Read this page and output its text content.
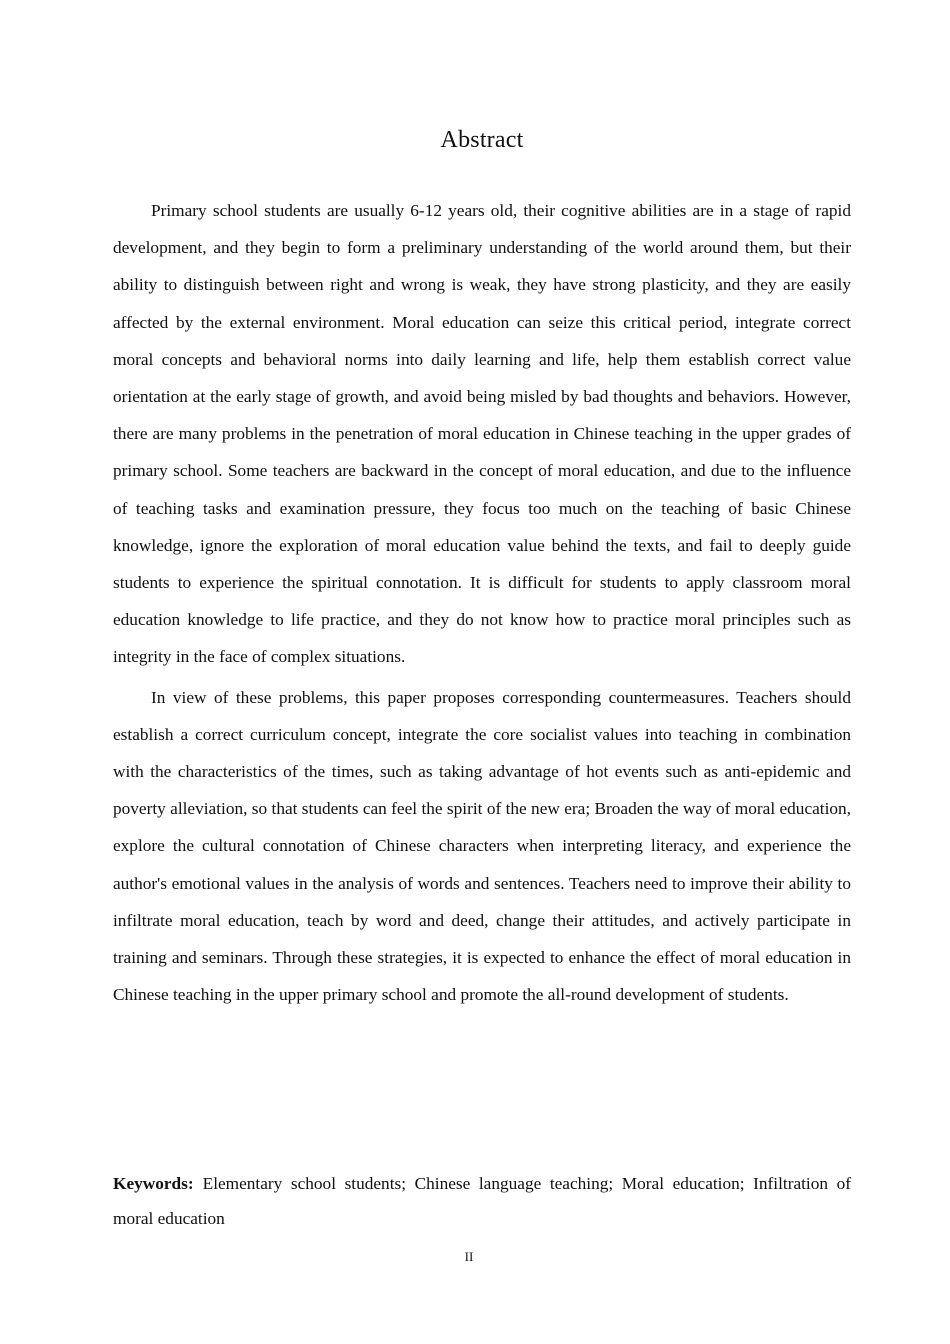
Abstract

Primary school students are usually 6-12 years old, their cognitive abilities are in a stage of rapid development, and they begin to form a preliminary understanding of the world around them, but their ability to distinguish between right and wrong is weak, they have strong plasticity, and they are easily affected by the external environment. Moral education can seize this critical period, integrate correct moral concepts and behavioral norms into daily learning and life, help them establish correct value orientation at the early stage of growth, and avoid being misled by bad thoughts and behaviors. However, there are many problems in the penetration of moral education in Chinese teaching in the upper grades of primary school. Some teachers are backward in the concept of moral education, and due to the influence of teaching tasks and examination pressure, they focus too much on the teaching of basic Chinese knowledge, ignore the exploration of moral education value behind the texts, and fail to deeply guide students to experience the spiritual connotation. It is difficult for students to apply classroom moral education knowledge to life practice, and they do not know how to practice moral principles such as integrity in the face of complex situations.

In view of these problems, this paper proposes corresponding countermeasures. Teachers should establish a correct curriculum concept, integrate the core socialist values into teaching in combination with the characteristics of the times, such as taking advantage of hot events such as anti-epidemic and poverty alleviation, so that students can feel the spirit of the new era; Broaden the way of moral education, explore the cultural connotation of Chinese characters when interpreting literacy, and experience the author's emotional values in the analysis of words and sentences. Teachers need to improve their ability to infiltrate moral education, teach by word and deed, change their attitudes, and actively participate in training and seminars. Through these strategies, it is expected to enhance the effect of moral education in Chinese teaching in the upper primary school and promote the all-round development of students.

Keywords: Elementary school students; Chinese language teaching; Moral education; Infiltration of moral education

II
